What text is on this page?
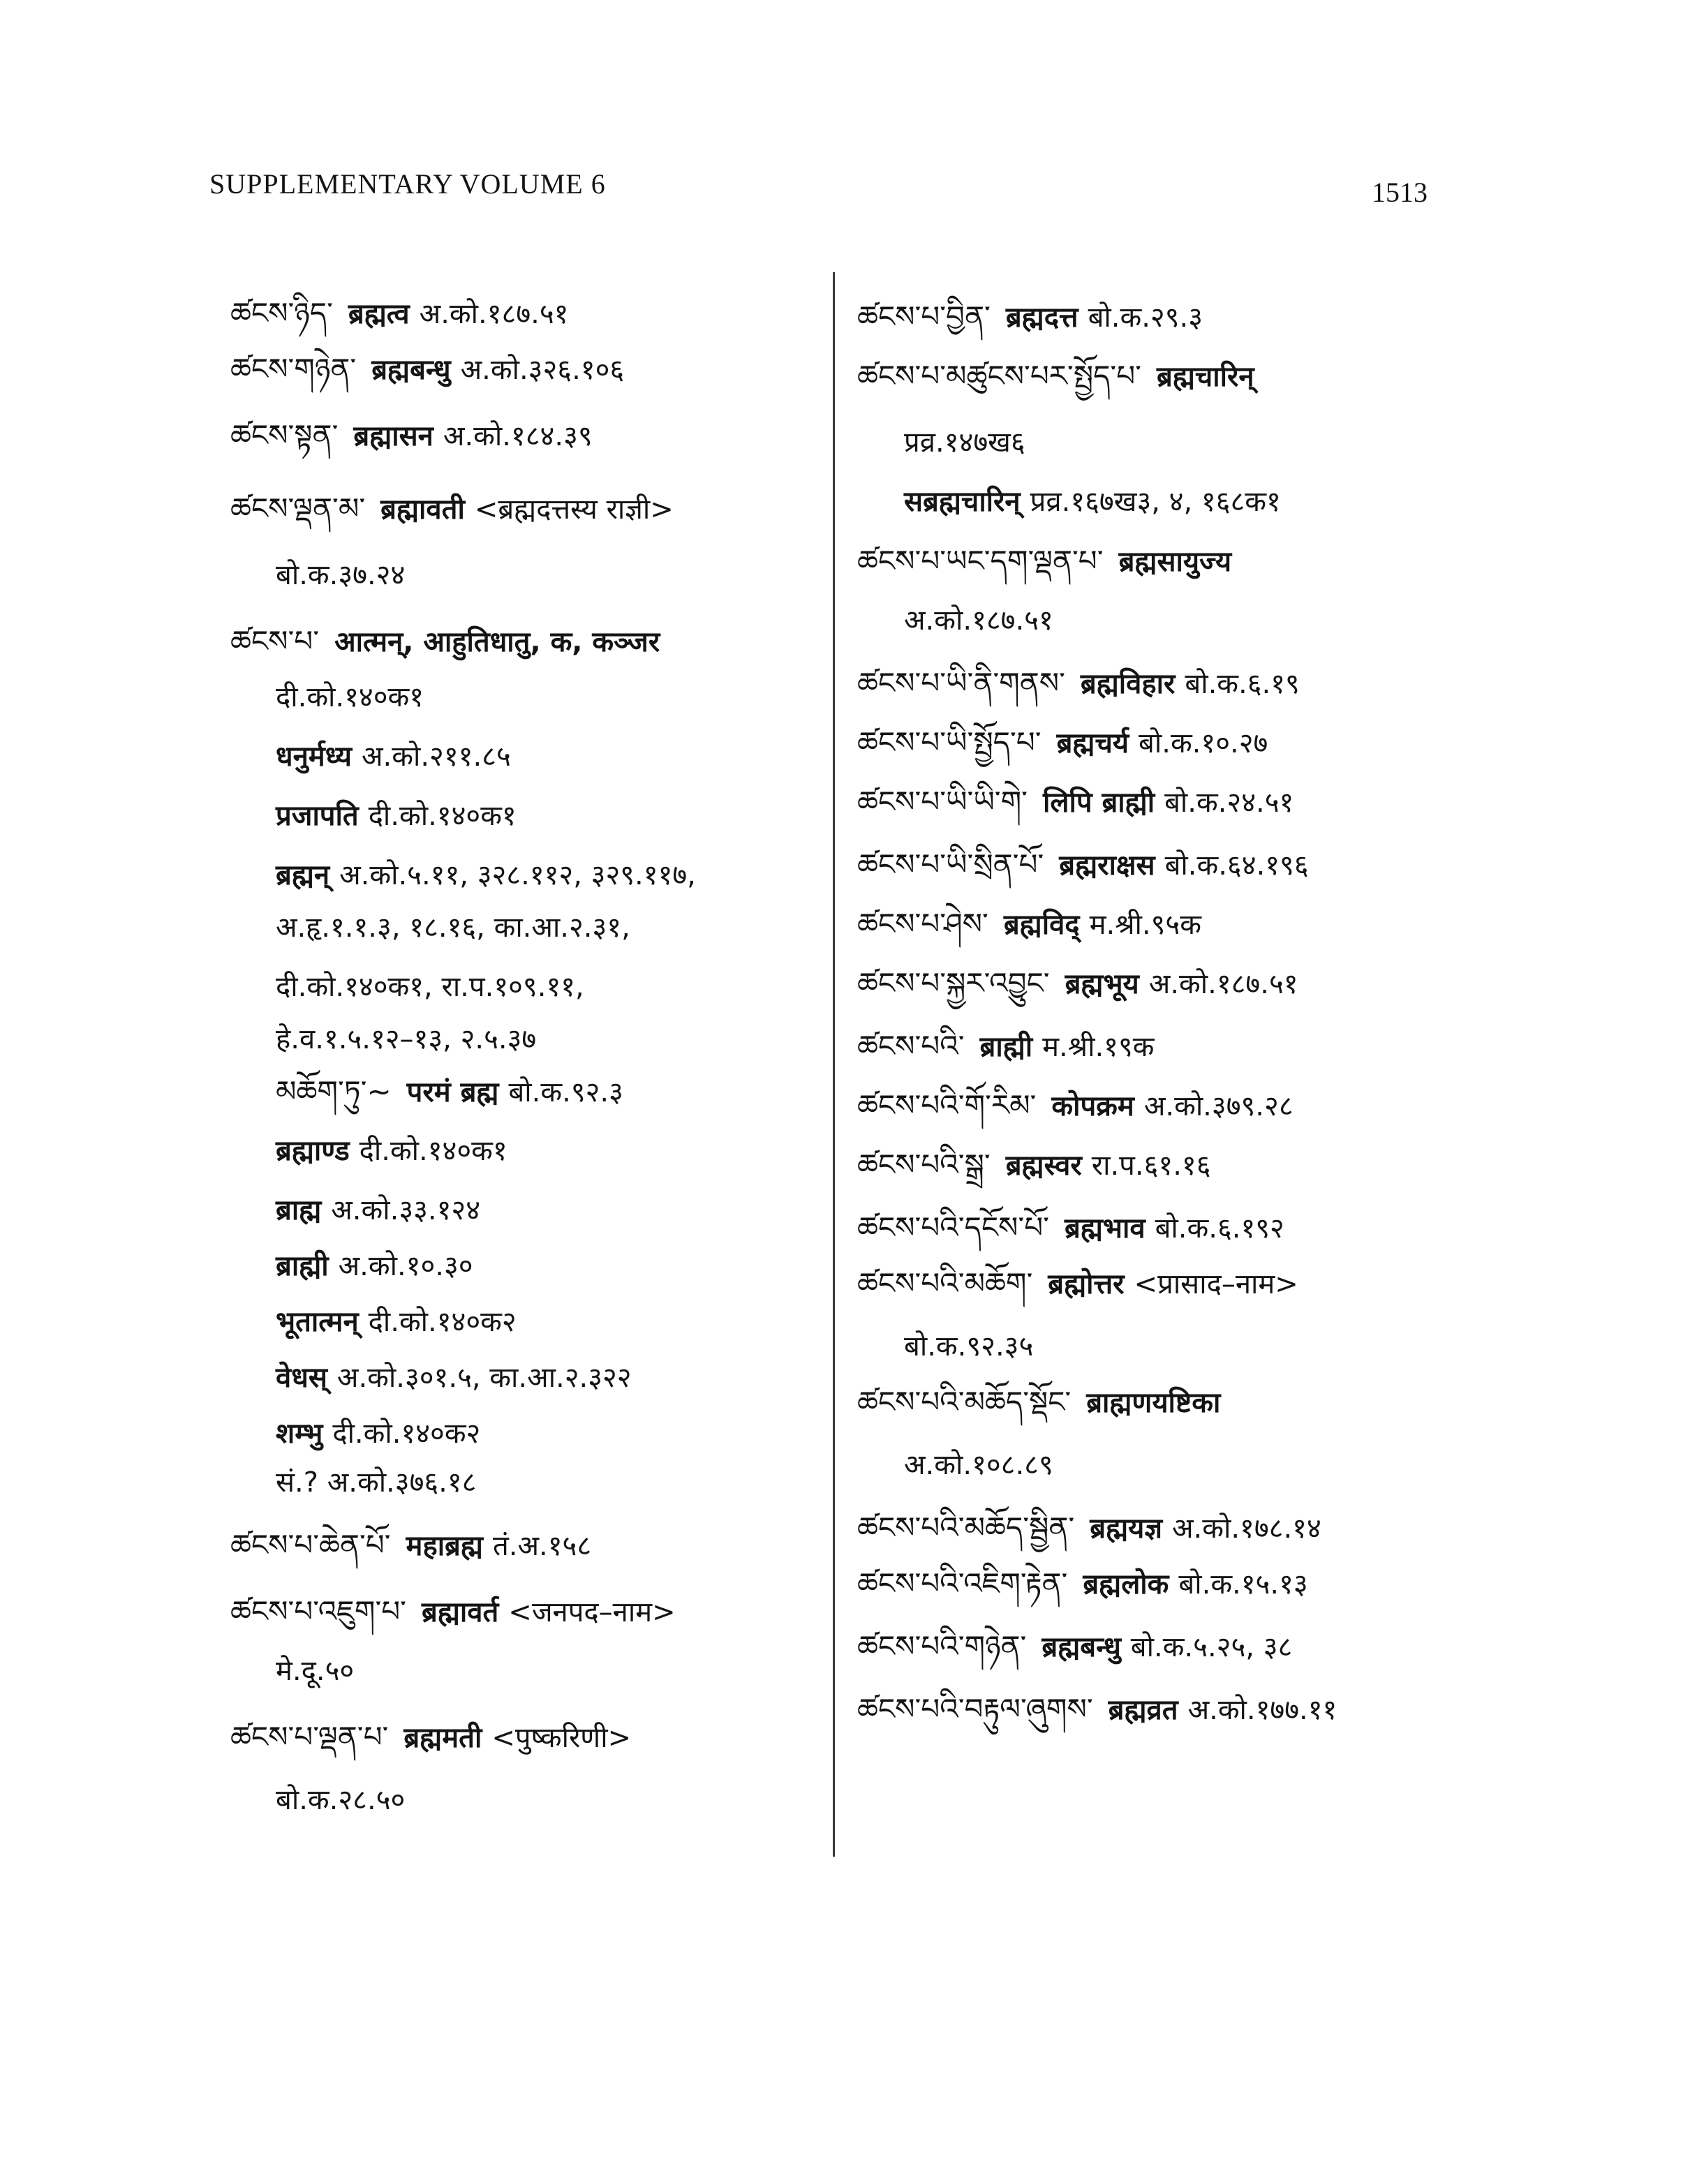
SUPPLEMENTARY VOLUME 6	1513
ཚངས་ཉིད་ ब्रह्मत्व अ.को.१८७.५१
ཚངས་གཉེན་ ब्रह्मबन्धु अ.को.३२६.१०६
ཚངས་སྟན་ ब्रह्मासन अ.को.१८४.३९
ཚངས་ལྡན་མ་ ब्रह्मावती <ब्रह्मदत्तस्य राज्ञी>
बो.क.३७.२४
ཚངས་པ་ आत्मन्, आहुतिधातु, क, कञ्जर
दी.को.१४०क१
धनुर्मध्य अ.को.२११.८५
प्रजापति दी.को.१४०क१
ब्रह्मन् अ.को.५.११, ३२८.११२, ३२९.११७,
अ.हृ.१.१.३, १८.१६, का.आ.२.३१,
दी.को.१४०क१, रा.प.१०९.११,
हे.व.१.५.१२–१३, २.५.३७
མཆོག་ཏུ་~ परमं ब्रह्म बो.क.९२.३
ब्रह्माण्ड दी.को.१४०क१
ब्राह्म अ.को.३३.१२४
ब्राह्मी अ.को.१०.३०
भूतात्मन् दी.को.१४०क२
वेधस् अ.को.३०१.५, का.आ.२.३२२
शम्भु दी.को.१४०क२
सं.? अ.को.३७६.१८
ཚངས་པ་ཆེན་པོ་ महाब्रह्म तं.अ.१५८
ཚངས་པ་འཇུག་པ་ ब्रह्मावर्त <जनपद–नाम>
मे.दू.५०
ཚངས་པ་ལྡན་པ་ ब्रह्ममती <पुष्करिणी>
बो.क.२८.५०
ཚངས་པ་བྱིན་ ब्रह्मदत्त बो.क.२९.३
ཚངས་པ་མཚུངས་པར་སྤྱོད་པ་ ब्रह्मचारिन्
प्रव्र.१४७ख६
सब्रह्मचारिन् प्रव्र.१६७ख३, ४, १६८क१
ཚངས་པ་ཡང་དག་ལྡན་པ་ ब्रह्मसायुज्य
अ.को.१८७.५१
ཚངས་པ་ཡི་ནི་གནས་ ब्रह्मविहार बो.क.६.१९
ཚངས་པ་ཡི་སྤྱོད་པ་ ब्रह्मचर्य बो.क.१०.२७
ཚངས་པ་ཡི་ཡི་གེ་ लिपि ब्राह्मी बो.क.२४.५१
ཚངས་པ་ཡི་སྲིན་པོ་ ब्रह्मराक्षस बो.क.६४.१९६
ཚངས་པ་ཤེས་ ब्रह्मविद् म.श्री.९५क
ཚངས་པ་སྐྱར་འབྱུང་ ब्रह्मभूय अ.को.१८७.५१
ཚངས་པའི་ ब्राह्मी म.श्री.१९क
ཚངས་པའི་གོ་རིམ་ कोपक्रम अ.को.३७९.२८
ཚངས་པའི་སྒྲ་ ब्रह्मस्वर रा.प.६१.१६
ཚངས་པའི་དངོས་པོ་ ब्रह्मभाव बो.क.६.१९२
ཚངས་པའི་མཆོག་ ब्रह्मोत्तर <प्रासाद–नाम>
बो.क.९२.३५
ཚངས་པའི་མཆོད་སྡོང་ ब्राह्मणयष्टिका
अ.को.१०८.८९
ཚངས་པའི་མཆོད་སྦྱིན་ ब्रह्मयज्ञ अ.को.१७८.१४
ཚངས་པའི་འཇིག་རྟེན་ ब्रह्मलोक बो.क.१५.१३
ཚངས་པའི་གཉེན་ ब्रह्मबन्धु बो.क.५.२५, ३८
ཚངས་པའི་བརྟུལ་ཞུགས་ ब्रह्मव्रत अ.को.१७७.११
